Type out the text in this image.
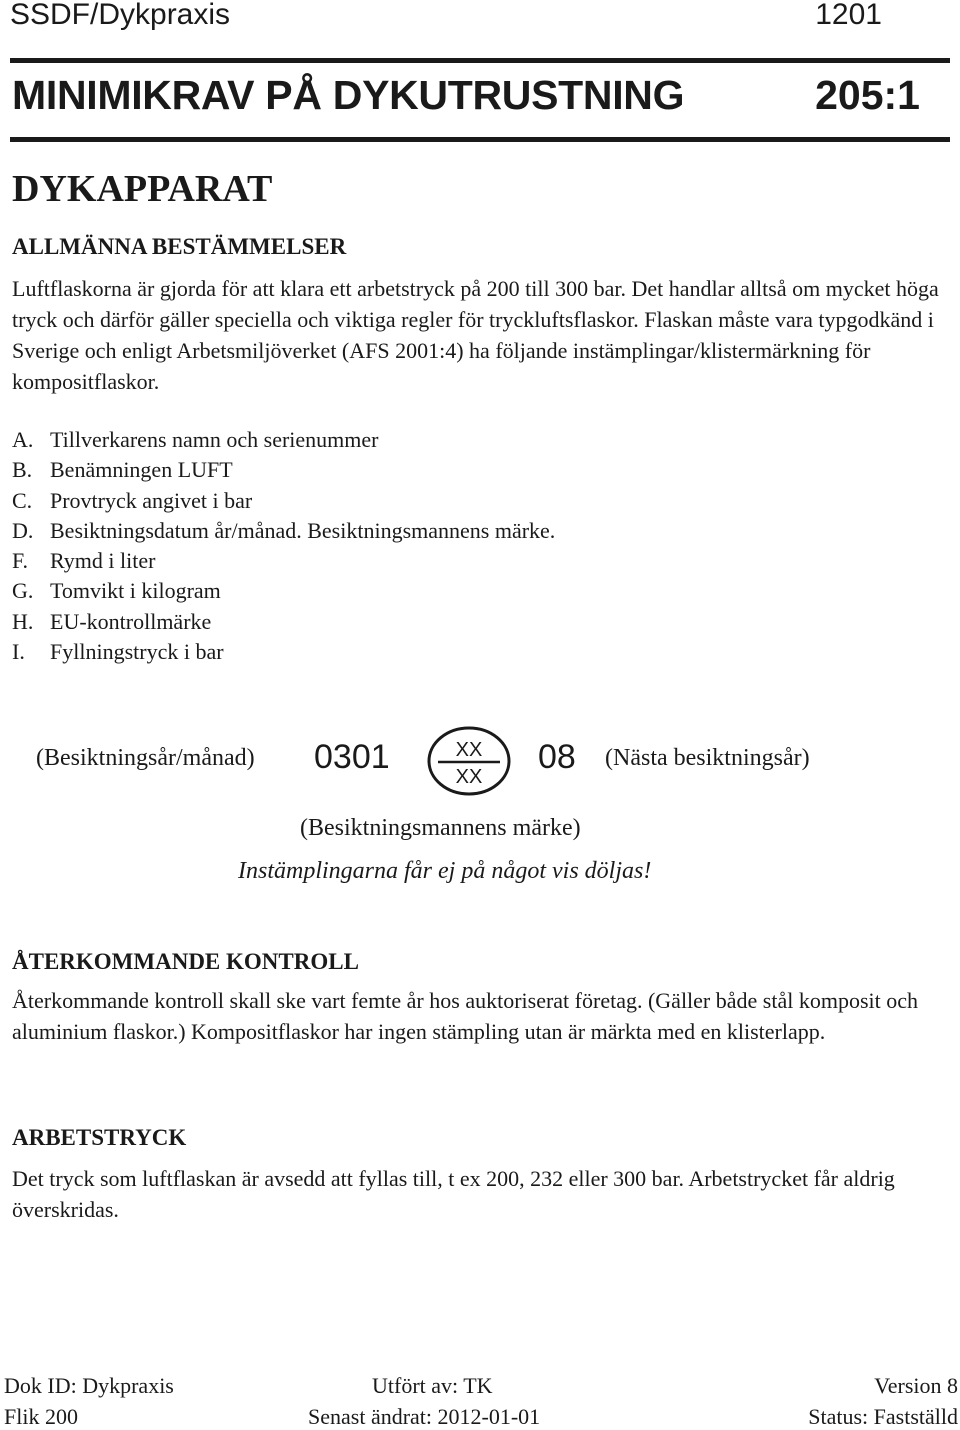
SSDF/Dykpraxis	1201
MINIMIKRAV PÅ DYKUTRUSTNING	205:1
DYKAPPARAT
ALLMÄNNA BESTÄMMELSER
Luftflaskorna är gjorda för att klara ett arbetstryck på 200 till 300 bar. Det handlar alltså om mycket höga tryck och därför gäller speciella och viktiga regler för tryckluftsflaskor. Flaskan måste vara typgodkänd i Sverige och enligt Arbetsmiljöverket (AFS 2001:4) ha följande instämplingar/klistermärkning för kompositflaskor.
A. Tillverkarens namn och serienummer
B. Benämningen LUFT
C. Provtryck angivet i bar
D. Besiktningsdatum år/månad. Besiktningsmannens märke.
F. Rymd i liter
G. Tomvikt i kilogram
H. EU-kontrollmärke
I. Fyllningstryck i bar
(Besiktningsår/månad) 0301	XX
XX
08 (Nästa besiktningsår)
(Besiktningsmannens märke)
Instämplingarna får ej på något vis döljas!
ÅTERKOMMANDE KONTROLL
Återkommande kontroll skall ske vart femte år hos auktoriserat företag. (Gäller både stål komposit och aluminium flaskor.) Kompositflaskor har ingen stämpling utan är märkta med en klisterlapp.
ARBETSTRYCK
Det tryck som luftflaskan är avsedd att fyllas till, t ex 200, 232 eller 300 bar. Arbetstrycket får aldrig överskridas.
Dok ID: Dykpraxis
Flik 200
Utfört av: TK
Senast ändrat: 2012-01-01
Version 8
Status: Fastställd
